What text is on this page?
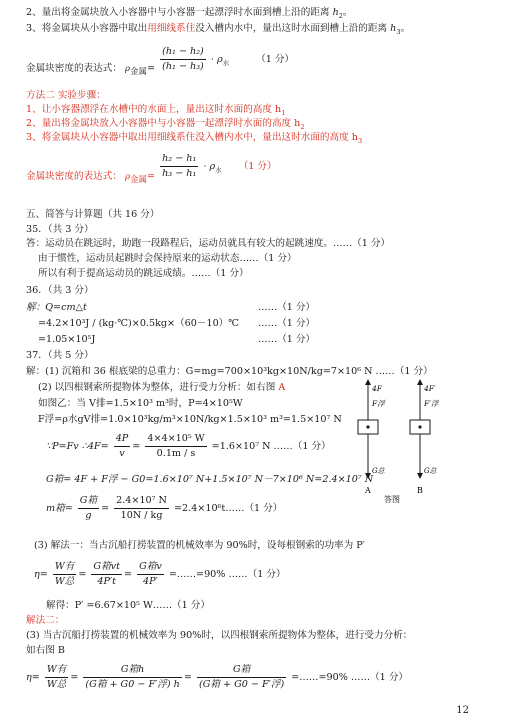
2、量出将金属块放入小容器中与小容器一起漂浮时水面到槽上沿的距离 $h_2$。
3、将金属块从小容器中取出用细线系住没入槽内水中，量出这时水面到槽上沿的距离 $h_3$。
金属块密度的表达式： $\rho_{金属}= \frac{\text{(h₁ − h₂)}}{\text{(h₁ − h₃)}} \cdot \rho_水$	（1 分）
方法二 实验步骤：
1、让小容器漂浮在水槽中的水面上，量出这时水面的高度 $h_1$
2、量出将金属块放入小容器中与小容器一起漂浮时水面的高度 $h_2$
3、将金属块从小容器中取出用细线系住没入槽内水中，量出这时水面的高度 $h_3$
金属块密度的表达式： $\rho_{金属}= \frac{\text{h₂ − h₁}}{\text{h₃ − h₁}} \cdot \rho_水$ （1 分）
五、简答与计算题（共 16 分）
35．（共 3 分）
答：运动员在跳远时，助跑一段路程后，运动员就具有较大的起跳速度。……（1 分）
由于惯性，运动员起跳时会保持原来的运动状态……（1 分）
所以有利于提高运动员的跳远成绩。……（1 分）
36．（共 3 分）
解：Q=cm△t	……（1 分）
=4.2×10³J / (kg·℃)×0.5kg×（60－10）℃ ……（1 分）
=1.05×10⁵J	……（1 分）
37．（共 5 分）
解：(1) 沉箱和 36 根底梁的总重力：G=mg=700×10³kg×10N/kg=7×10⁶ N ……（1 分）
(2) 以四根钢索所提物体为整体，进行受力分析：如右图 A
如图乙：当 V排=1.5×10³ m³时，P=4×10⁵W
F浮=ρ水gV排=1.0×10³kg/m³×10N/kg×1.5×10³ m³=1.5×10⁷ N
∵P=Fv ∴4F= $\frac{4P}{v} = \frac{\text{4×4×10⁵ W}}{0.1m / s} =1.6\times 10^7$ N ……（1 分）
G箱= 4F + F浮 − G0=1.6×10⁷ N+1.5×10⁷ N－7×10⁶ N=2.4×10⁷ N
m箱= $\frac{\text{G箱}}{g} = \frac{\text{2.4×10⁷ N}}{10N / kg}$ =2.4×10⁶t……（1 分）
(3) 解法一：当古沉船打捞装置的机械效率为 90%时，设每根钢索的功率为 P′
$\eta= \frac{\text{W有}}{\text{W总}} = \frac{\text{G箱vt}}{4P't} = \frac{\text{G箱v}}{4P'}$ =……=90% ……（1 分）
解得：P′ =6.67×10⁵ W……（1 分）
解法二：
(3) 当古沉船打捞装置的机械效率为 90%时，以四根钢索所提物体为整体，进行受力分析：
如右图 B
$\eta= \frac{\text{W有}}{\text{W总}} = \frac{\text{G箱h}}{\text{(G箱 + G0 − F′浮) h}} = \frac{\text{G箱}}{\text{(G箱 + G0 − F′浮)}}$ =……=90% ……（1 分）
4F
F浮
G总
A
4F′
F′浮
G总
B
答图
12
